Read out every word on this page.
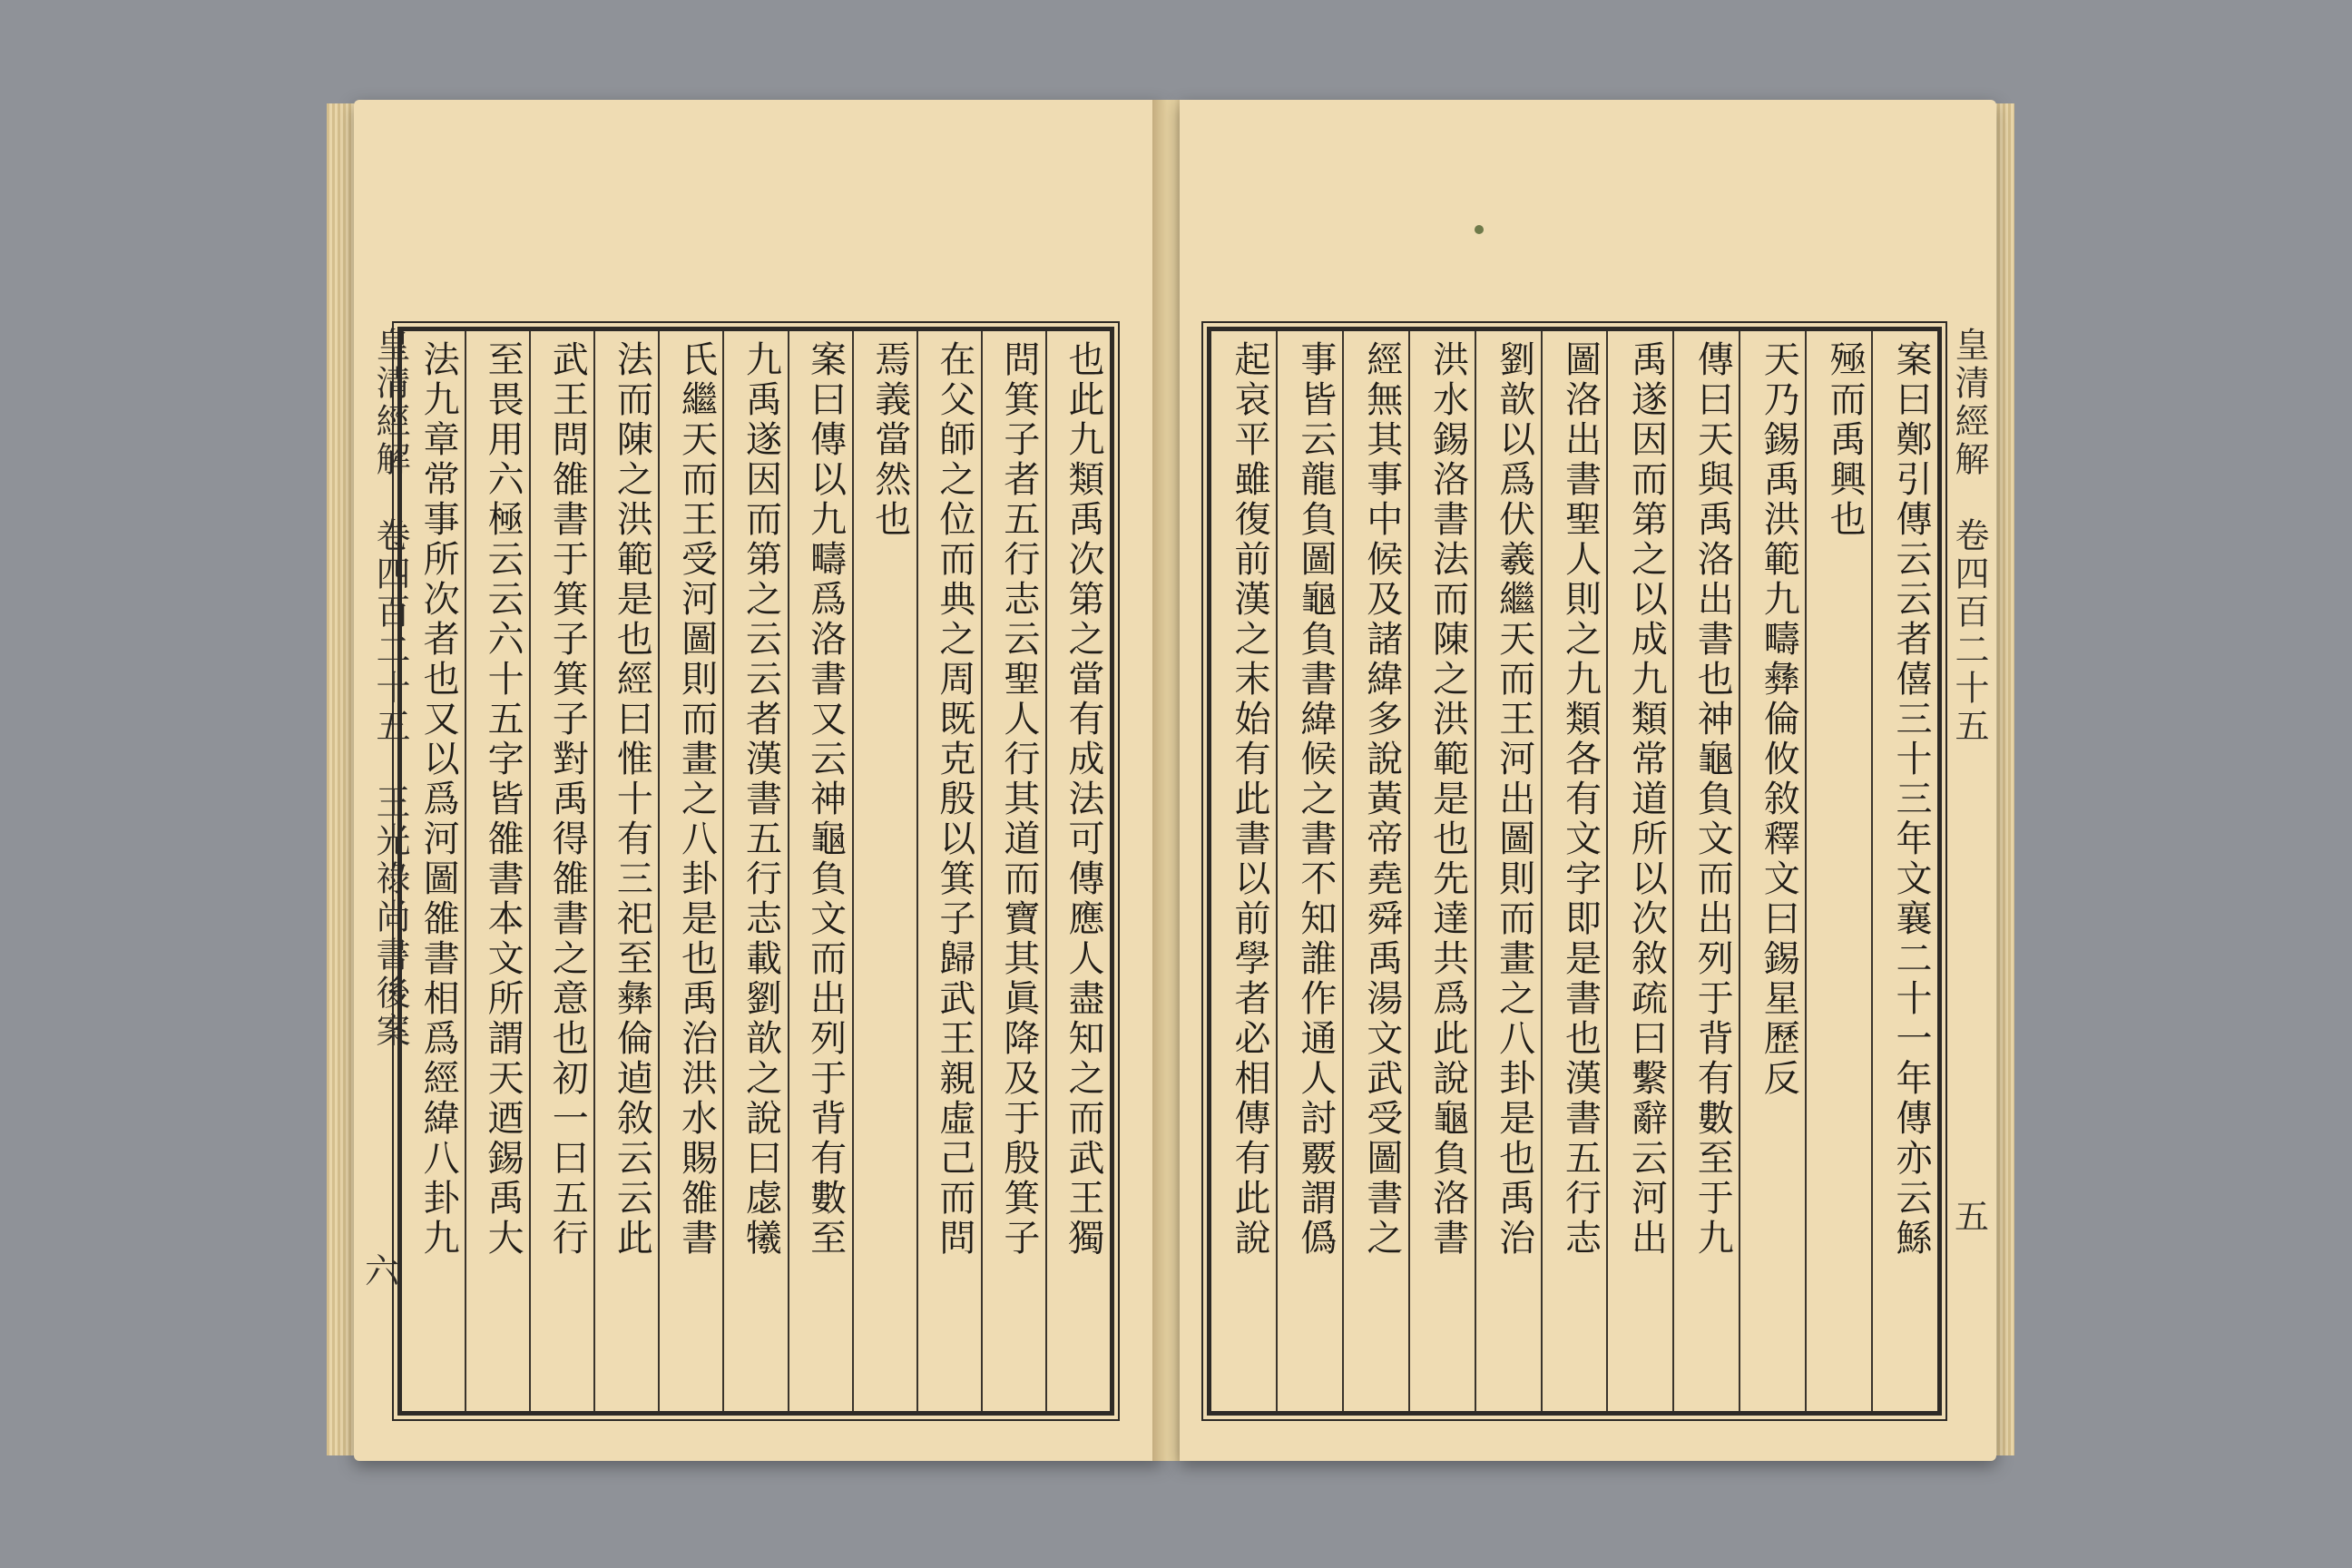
皇清經解　卷四百二十五　王光祿尚書後案
六
也此九類禹次第之當有成法可傳應人盡知之而武王獨
問箕子者五行志云聖人行其道而寶其眞降及于殷箕子
在父師之位而典之周既克殷以箕子歸武王親虛己而問
焉義當然也
案曰傳以九疇爲洛書又云神龜負文而出列于背有數至
九禹遂因而第之云云者漢書五行志載劉歆之說曰虙犧
氏繼天而王受河圖則而畫之八卦是也禹治洪水賜雒書
法而陳之洪範是也經曰惟十有三祀至彝倫逌敘云云此
武王問雒書于箕子箕子對禹得雒書之意也初一曰五行
至畏用六極云云六十五字皆雒書本文所謂天迺錫禹大
法九章常事所次者也又以爲河圖雒書相爲經緯八卦九	皇清經解　卷四百二十五
五
案曰鄭引傳云云者僖三十三年文襄二十一年傳亦云鯀
殛而禹興也
天乃錫禹洪範九疇彝倫攸敘釋文曰錫星歷反
傳曰天與禹洛出書也神龜負文而出列于背有數至于九
禹遂因而第之以成九類常道所以次敘疏曰繫辭云河出
圖洛出書聖人則之九類各有文字即是書也漢書五行志
劉歆以爲伏羲繼天而王河出圖則而畫之八卦是也禹治
洪水錫洛書法而陳之洪範是也先達共爲此說龜負洛書
經無其事中候及諸緯多說黃帝堯舜禹湯文武受圖書之
事皆云龍負圖龜負書緯候之書不知誰作通人討覈謂僞
起哀平雖復前漢之末始有此書以前學者必相傳有此說
